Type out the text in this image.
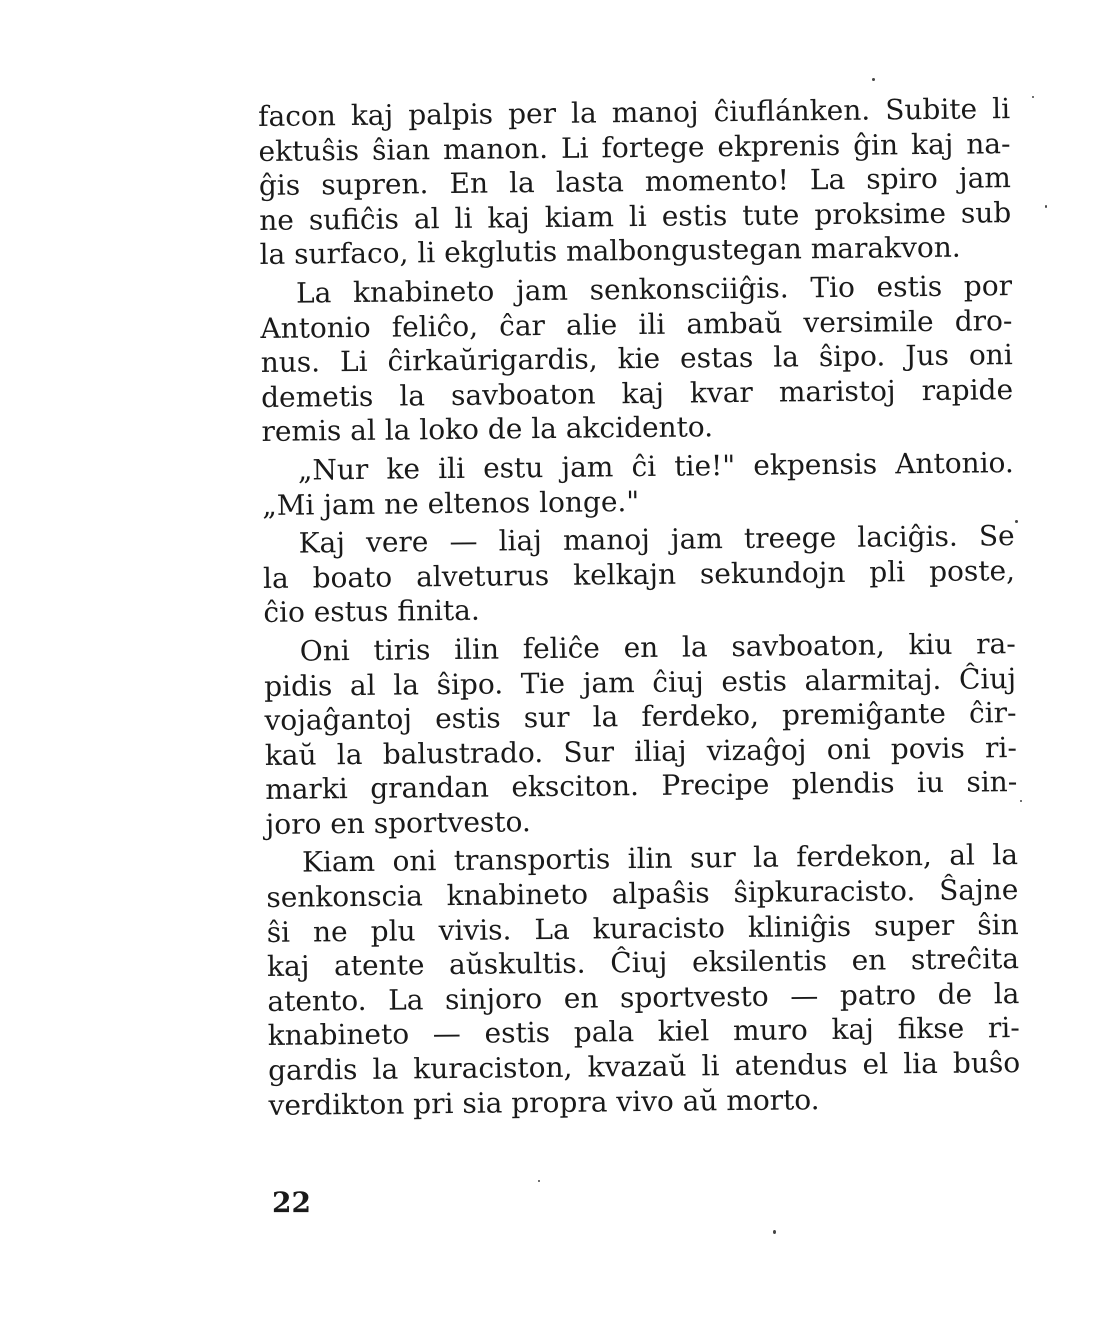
facon kaj palpis per la manoj ĉiuflánken. Subite li
ektuŝis ŝian manon. Li fortege ekprenis ĝin kaj na-
ĝis supren. En la lasta momento! La spiro jam
ne sufiĉis al li kaj kiam li estis tute proksime sub
la surfaco, li ekglutis malbongustegan marakvon.

La knabineto jam senkonsciiĝis. Tio estis por
Antonio feliĉo, ĉar alie ili ambaŭ versimile dro-
nus. Li ĉirkaŭrigardis, kie estas la ŝipo. Jus oni
demetis la savboaton kaj kvar maristoj rapide
remis al la loko de la akcidento.

„Nur ke ili estu jam ĉi tie!" ekpensis Antonio.
„Mi jam ne eltenos longe."

Kaj vere — liaj manoj jam treege laciĝis. Se
la boato alveturus kelkajn sekundojn pli poste,
ĉio estus finita.

Oni tiris ilin feliĉe en la savboaton, kiu ra-
pidis al la ŝipo. Tie jam ĉiuj estis alarmitaj. Ĉiuj
vojaĝantoj estis sur la ferdeko, premiĝante ĉir-
kaŭ la balustrado. Sur iliaj vizaĝoj oni povis ri-
marki grandan eksciton. Precipe plendis iu sin-
joro en sportvesto.

Kiam oni transportis ilin sur la ferdekon, al la
senkonscia knabineto alpaŝis ŝipkuracisto. Ŝajne
ŝi ne plu vivis. La kuracisto kliniĝis super ŝin
kaj atente aŭskultis. Ĉiuj eksilentis en streĉita
atento. La sinjoro en sportvesto — patro de la
knabineto — estis pala kiel muro kaj fikse ri-
gardis la kuraciston, kvazaŭ li atendus el lia buŝo
verdikton pri sia propra vivo aŭ morto.

22
